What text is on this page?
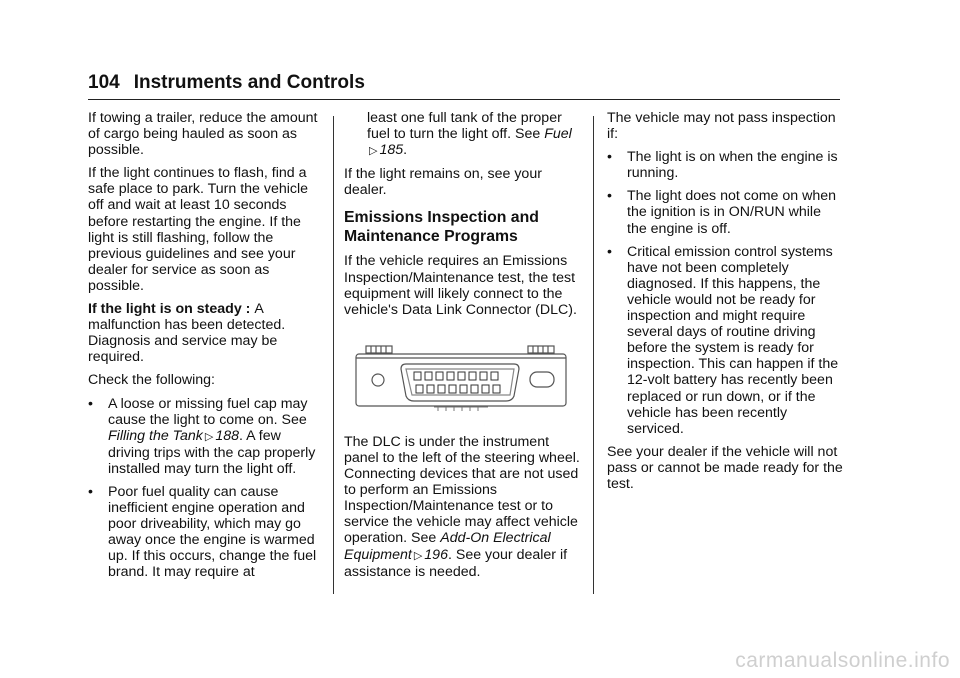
104 Instruments and Controls

If towing a trailer, reduce the amount of cargo being hauled as soon as possible.

If the light continues to flash, find a safe place to park. Turn the vehicle off and wait at least 10 seconds before restarting the engine. If the light is still flashing, follow the previous guidelines and see your dealer for service as soon as possible.

If the light is on steady : A malfunction has been detected. Diagnosis and service may be required.

Check the following:

•	A loose or missing fuel cap may cause the light to come on. See Filling the Tank ▷ 188. A few driving trips with the cap properly installed may turn the light off.
•	Poor fuel quality can cause inefficient engine operation and poor driveability, which may go away once the engine is warmed up. If this occurs, change the fuel brand. It may require at

least one full tank of the proper fuel to turn the light off. See Fuel
▷ 185.

If the light remains on, see your dealer.

Emissions Inspection and Maintenance Programs

If the vehicle requires an Emissions Inspection/Maintenance test, the test equipment will likely connect to the vehicle's Data Link Connector (DLC).

The DLC is under the instrument panel to the left of the steering wheel. Connecting devices that are not used to perform an Emissions Inspection/Maintenance test or to service the vehicle may affect vehicle operation. See Add-On Electrical Equipment ▷ 196. See your dealer if assistance is needed.

The vehicle may not pass inspection if:

•	The light is on when the engine is running.
•	The light does not come on when the ignition is in ON/RUN while the engine is off.
•	Critical emission control systems have not been completely diagnosed. If this happens, the vehicle would not be ready for inspection and might require several days of routine driving before the system is ready for inspection. This can happen if the 12-volt battery has recently been replaced or run down, or if the vehicle has been recently serviced.

See your dealer if the vehicle will not pass or cannot be made ready for the test.

carmanualsonline.info
